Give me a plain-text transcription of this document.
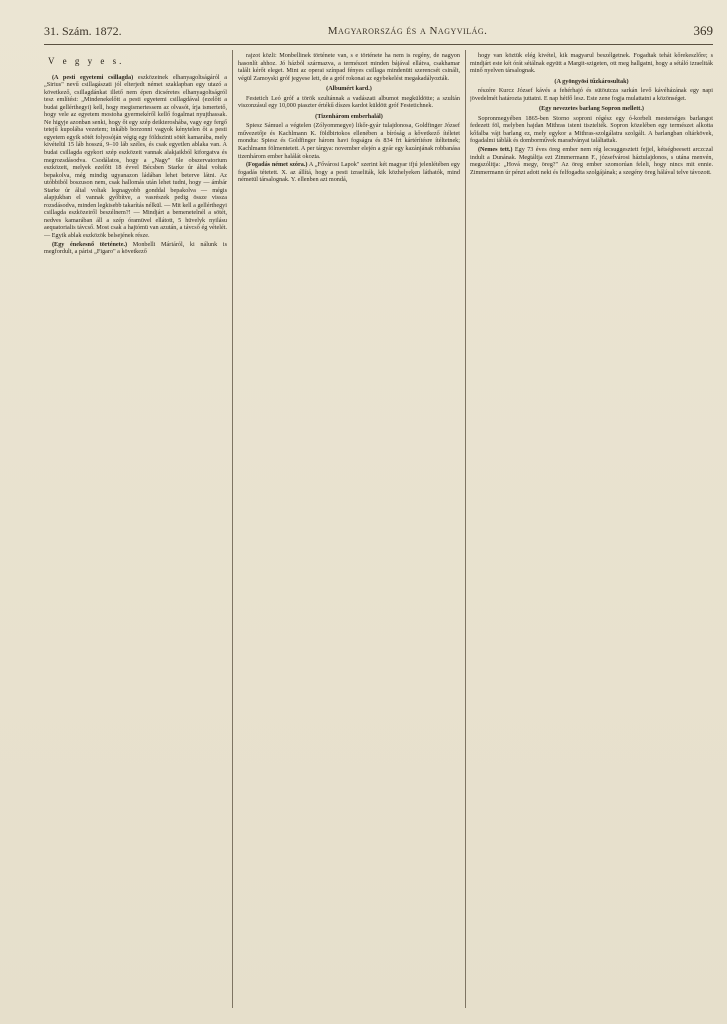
31. Szám. 1872.	Magyarország és a Nagyvilág.	369
V e g y e s.

(A pesti egyetemi csillagda) eszközeinek elhanyagoltságáról a „Sirius" nevű csillagászati jól elterjedt német szaklapban egy utazó a következő, csillagdánkat illető nem épen dicséretes elhanyagoltságról tesz említést: „Mindenekelőtt a pesti egyetemi csillagdával (ezelőtt a budai gellérthegyi) kell, hogy megismertessem az olvasót, írja ismertető, hogy vele az egyetem mostoha gyermekéről kellő fogalmat nyujthassak. Ne higyje azonban senki, hogy őt egy szép deikteroshába, vagy egy fergő tetejű kupolába vezetem; inkább borzonni vagyok kénytelen őt a pesti egyetem egyik sötét folyosóján végig egy földszinti sötét kamarába, mely kivételül 15 láb hosszú, 9–10 láb széles, és csak egyetlen ablaka van. A budai csillagda egykori szép eszközeit vannak alakjaikból kiforgatva és megrozsdásodva. Csodálatos, hogy a „Nagy" 6le obszervatorium eszközeit, melyek ezelőtt 18 évvel Bécsben Starke úr által voltak bepakolva, még mindig ugyanazon ládában lehet beterve látni. Az utóbbiból boszuson nem, csak hallomás után lehet tudni, hogy — ámbár Starke úr által voltak legnagyobb gonddal bepakolva — mégis alapjukban el vannak győbítve, a vasrészek pedig össze vissza rozsdásodva, minden legkisebb takarítás nélkül. — Mit kell a gellérthegyi csillagda eszközeiről beszélnem?! — Mindjárt a bemenetelnél a sötét, nedves kamarában áll a szép óramüvel ellátott, 5 hüvelyk nyilásu aequatorialis távcső. Most csak a hajtómü van azután, a távcső ég vételét. — Egyik ablak eszközök belsejének része.

(Egy énekesnő története.) Monbelli Máriáról, ki nálunk is megfordult, a párisi „Figaro" a következő

rajzot közli: Monbellinek története van, s e története ha nem is regény, de nagyon hasonlít ahhoz. Jó házból származva, a természet minden bájával ellátva, csakhamar talált kérőt eleget. Mint az operai színpad fényes csillaga mindenütt szerencsét csinált, végül Zamoyski gróf jegyese lett, de a gróf rokonai az egybekelést megakadályozták.

(Albumért kard.)

Festetich Leó gróf a török szultánnak a vadászati albumot megküldötte; a szultán viszonzásul egy 10,000 piaszter értékű díszes kardot küldött gróf Festetichnek.

(Tizenhárom emberhalál)

Spiesz Sámuel a végtelen (Zólyommegye) likőr-gyár tulajdonosa, Goldfinger József művezetője és Kachlmann K. földbirtokos ellenében a bíróság a kővetkező ítéletet mondta: Spiesz és Goldfinger három havi fogságra és 834 frt kártérítésre ítéltetnek; Kachlmann fölmentetett. A per tárgya: november elején a gyár egy kazánjának robbanása tizenhárom ember halálát okozta.

(Fogadás német szóra.) A „Fővárosi Lapok" szerint két magyar ifjú jelenlétében egy fogadás tétetett. X. az állítá, hogy a pesti izraeliták, kik közhelyeken láthatók, mind németül társalognak. Y. ellenben azt mondá,

hogy van köztük elég kivétel, kik magyarul beszélgetnek. Fogadtak tehát kőrekeszlőre; s mindjárt este két órát sétálnak együtt a Margit-szigeten, ott meg hallgatni, hogy a sétáló izraeliták minő nyelven társalognak.

(A gyöngyösi tűzkárosultak)

részére Kurcz József kávés a fehérhajó és sütöutcza sarkán levő kávéházának egy napi jövedelmét határozta juttatni. E nap hétfő lesz. Este zene fogja mulattatni a közönséget.

(Egy nevezetes barlang Sopron mellett.)

Sopronmegyében 1865-ben Storno soproni régész egy ó-korbeli mesterséges barlangot fedezett föl, melyben hajdan Mithras istent tisztelték. Sopron közelében egy természet alkotta kőfalba vájt barlang ez, mely egykor a Mithras-szolgálatra szolgált. A barlangban oltárkövek, fogadalmi táblák és domborművek maradványai találtattak.

(Nemes tett.) Egy 73 éves öreg ember nem rég lecsuggesztett fejjel, kétségbeesett arczczal indult a Dunának. Megtáltja ezt Zimmermann F., józsefvárosi háztulajdonos, s utána menvén, megszólitja: „Hová megy, öreg?" Az öreg ember szomorúan feleli, hogy nincs mit ennie. Zimmermann úr pénzt adott neki és felfogadta szolgájának; a szegény öreg hálával telve távozott.
